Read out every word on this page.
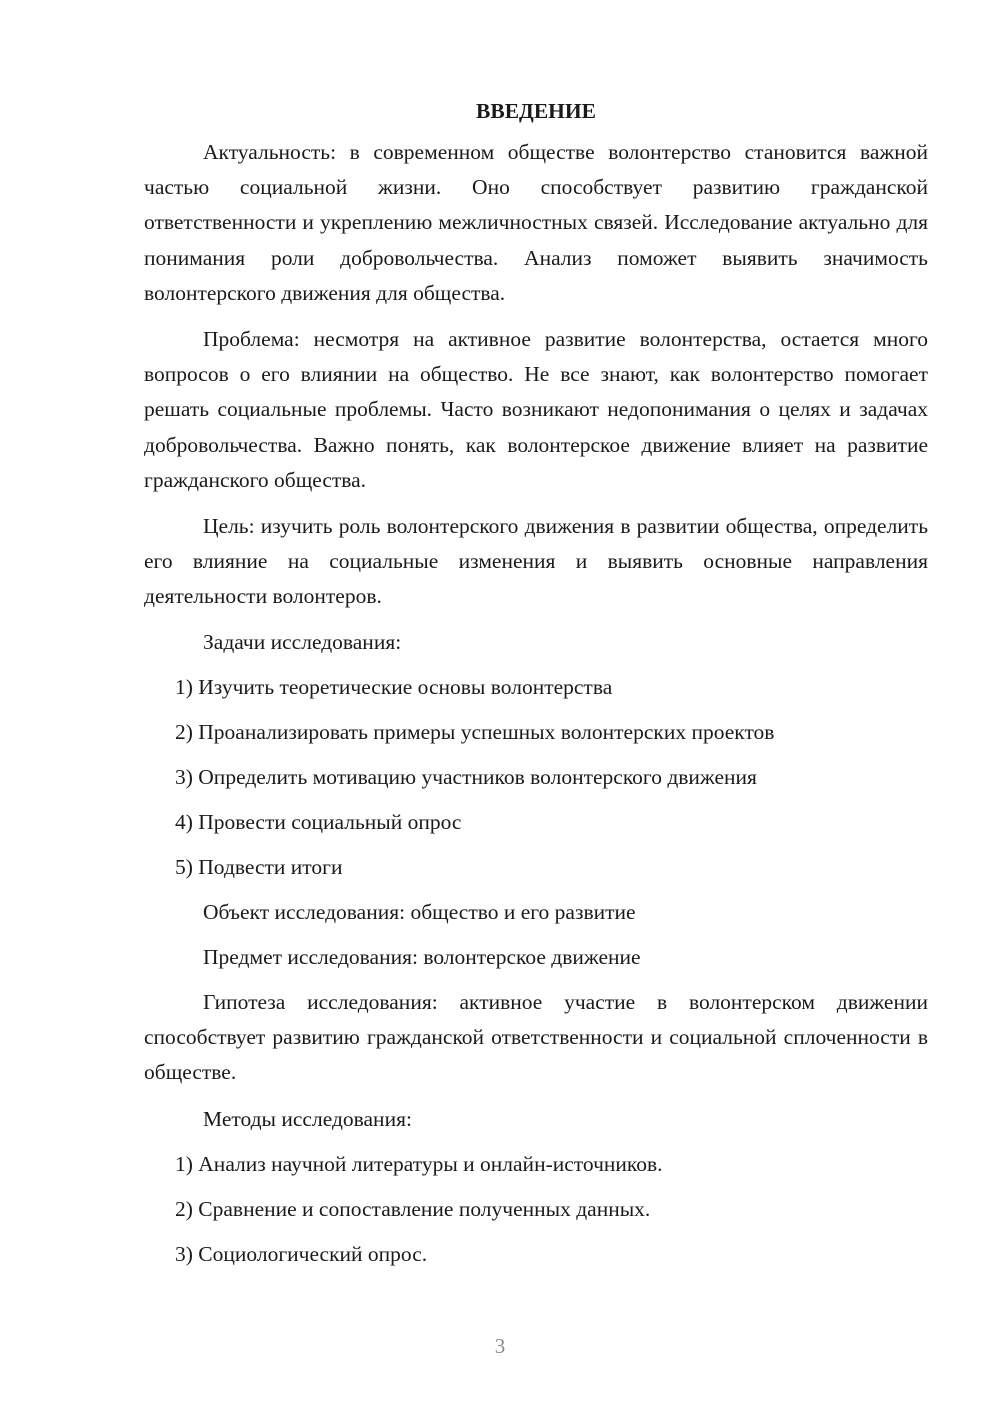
ВВЕДЕНИЕ

Актуальность: в современном обществе волонтерство становится важной частью социальной жизни. Оно способствует развитию гражданской ответственности и укреплению межличностных связей. Исследование актуально для понимания роли добровольчества. Анализ поможет выявить значимость волонтерского движения для общества.

Проблема: несмотря на активное развитие волонтерства, остается много вопросов о его влиянии на общество. Не все знают, как волонтерство помогает решать социальные проблемы. Часто возникают недопонимания о целях и задачах добровольчества. Важно понять, как волонтерское движение влияет на развитие гражданского общества.

Цель: изучить роль волонтерского движения в развитии общества, определить его влияние на социальные изменения и выявить основные направления деятельности волонтеров.

Задачи исследования:

1) Изучить теоретические основы волонтерства

2) Проанализировать примеры успешных волонтерских проектов

3) Определить мотивацию участников волонтерского движения

4) Провести социальный опрос

5) Подвести итоги

Объект исследования: общество и его развитие

Предмет исследования: волонтерское движение

Гипотеза исследования: активное участие в волонтерском движении способствует развитию гражданской ответственности и социальной сплоченности в обществе.

Методы исследования:

1) Анализ научной литературы и онлайн-источников.

2) Сравнение и сопоставление полученных данных.

3) Социологический опрос.

3
